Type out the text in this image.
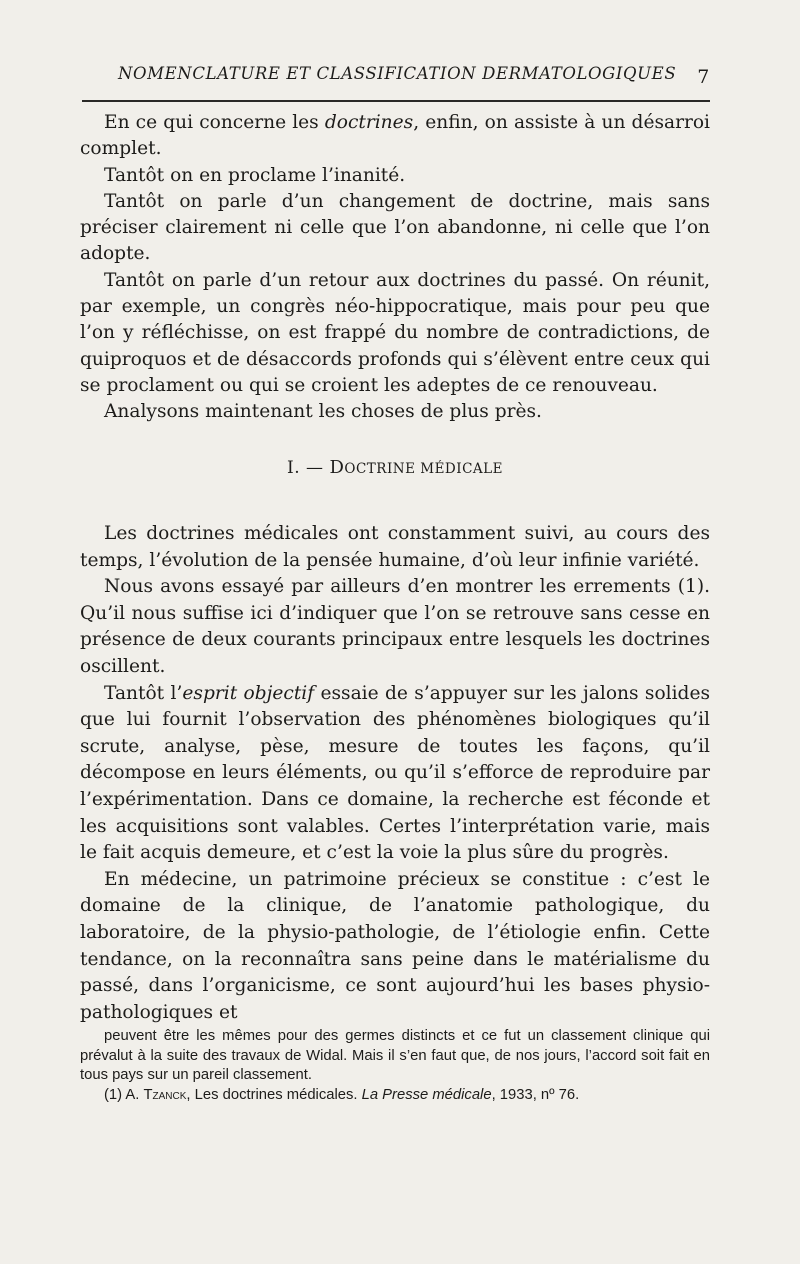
NOMENCLATURE ET CLASSIFICATION DERMATOLOGIQUES 7

En ce qui concerne les doctrines, enfin, on assiste à un désarroi complet.

Tantôt on en proclame l’inanité.

Tantôt on parle d’un changement de doctrine, mais sans préciser clairement ni celle que l’on abandonne, ni celle que l’on adopte.

Tantôt on parle d’un retour aux doctrines du passé. On réunit, par exemple, un congrès néo-hippocratique, mais pour peu que l’on y réfléchisse, on est frappé du nombre de contradictions, de quiproquos et de désaccords profonds qui s’élèvent entre ceux qui se proclament ou qui se croient les adeptes de ce renouveau.

Analysons maintenant les choses de plus près.

I. — DOCTRINE MÉDICALE

Les doctrines médicales ont constamment suivi, au cours des temps, l’évolution de la pensée humaine, d’où leur infinie variété.

Nous avons essayé par ailleurs d’en montrer les errements (1). Qu’il nous suffise ici d’indiquer que l’on se retrouve sans cesse en présence de deux courants principaux entre lesquels les doctrines oscillent.

Tantôt l’esprit objectif essaie de s’appuyer sur les jalons solides que lui fournit l’observation des phénomènes biologiques qu’il scrute, analyse, pèse, mesure de toutes les façons, qu’il décompose en leurs éléments, ou qu’il s’efforce de reproduire par l’expérimentation. Dans ce domaine, la recherche est féconde et les acquisitions sont valables. Certes l’interprétation varie, mais le fait acquis demeure, et c’est la voie la plus sûre du progrès.

En médecine, un patrimoine précieux se constitue : c’est le domaine de la clinique, de l’anatomie pathologique, du laboratoire, de la physio-pathologie, de l’étiologie enfin. Cette tendance, on la reconnaîtra sans peine dans le matérialisme du passé, dans l’organicisme, ce sont aujourd’hui les bases physio-pathologiques et

peuvent être les mêmes pour des germes distincts et ce fut un classement clinique qui prévalut à la suite des travaux de Widal. Mais il s’en faut que, de nos jours, l’accord soit fait en tous pays sur un pareil classement.

(1) A. Tzanck, Les doctrines médicales. La Presse médicale, 1933, nº 76.
